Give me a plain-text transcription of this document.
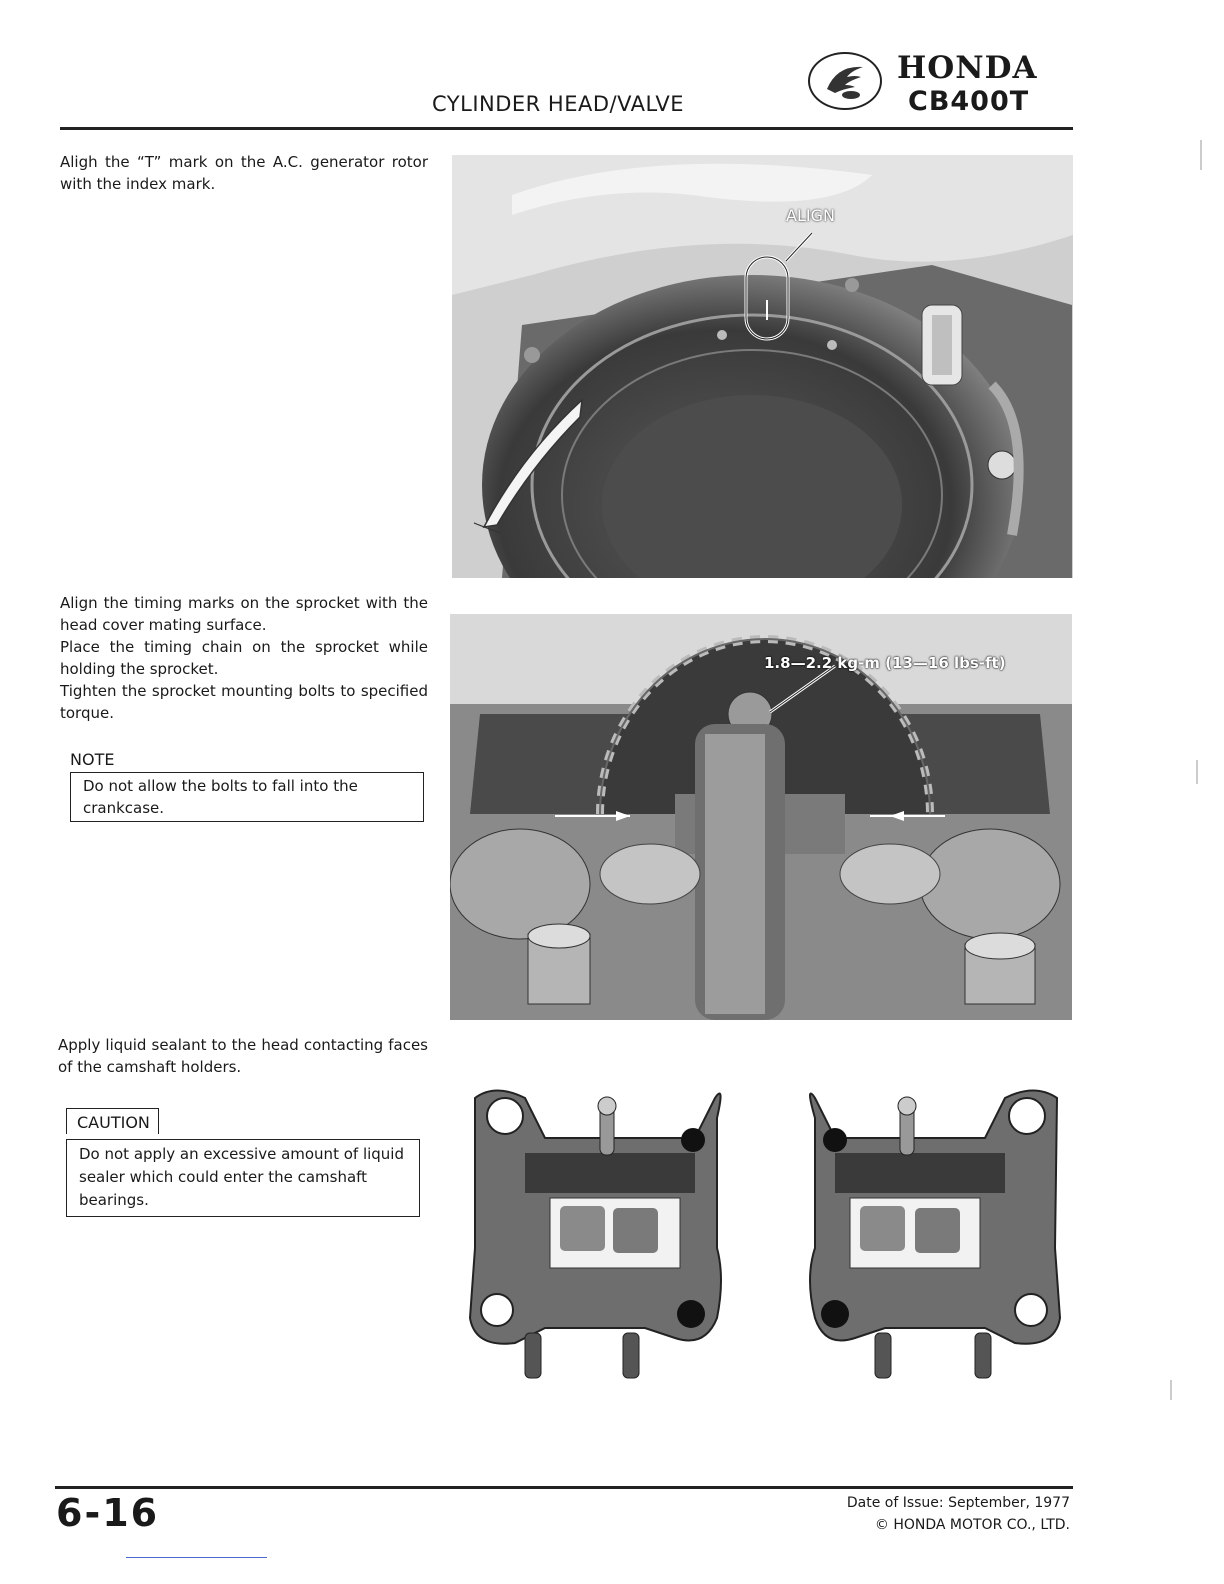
CYLINDER HEAD/VALVE
HONDA
CB400T
Aligh the “T” mark on the A.C. generator rotor with the index mark.
ALIGN
Align the timing marks on the sprocket with the head cover mating surface.
Place the timing chain on the sprocket while holding the sprocket.
Tighten the sprocket mounting bolts to specified torque.
NOTE
Do not allow the bolts to fall into the crankcase.
1.8—2.2 kg-m (13—16 lbs-ft)
Apply liquid sealant to the head contacting faces of the camshaft holders.
CAUTION
Do not apply an excessive amount of liquid sealer which could enter the camshaft bearings.
6-16	Date of Issue: September, 1977
© HONDA MOTOR CO., LTD.
